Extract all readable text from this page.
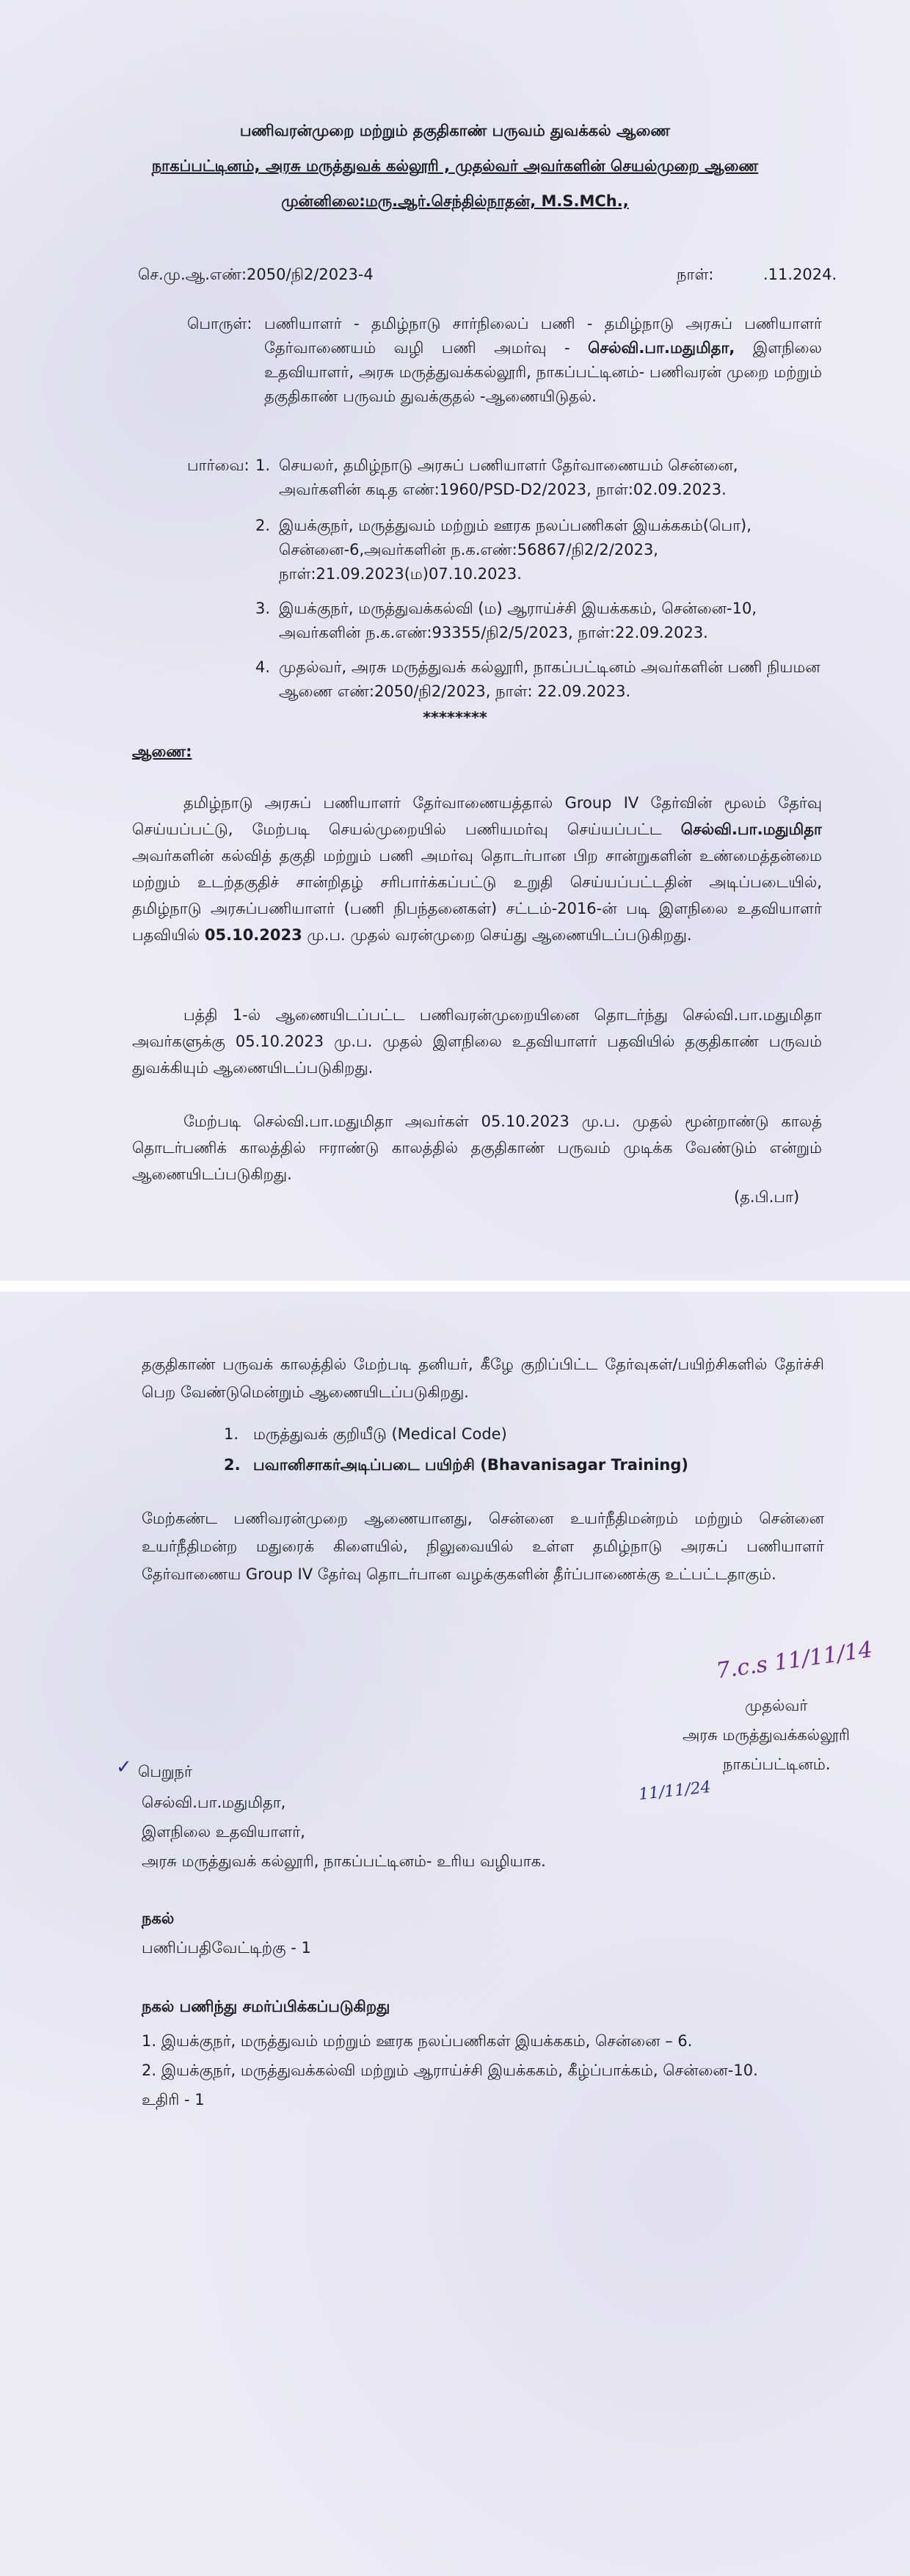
பணிவரன்முறை மற்றும் தகுதிகாண் பருவம் துவக்கல் ஆணை
நாகப்பட்டினம், அரசு மருத்துவக் கல்லூரி , முதல்வர் அவர்களின் செயல்முறை ஆணை
முன்னிலை:மரு.ஆர்.செந்தில்நாதன், M.S.MCh.,
செ.மு.ஆ.எண்:2050/நி2/2023-4	நாள்:	.11.2024.
பொருள்: பணியாளர் - தமிழ்நாடு சார்நிலைப் பணி - தமிழ்நாடு அரசுப் பணியாளர் தேர்வாணையம் வழி பணி அமர்வு - செல்வி.பா.மதுமிதா, இளநிலை உதவியாளர், அரசு மருத்துவக்கல்லூரி, நாகப்பட்டினம்- பணிவரன் முறை மற்றும் தகுதிகாண் பருவம் துவக்குதல் -ஆணையிடுதல்.
பார்வை: 1. செயலர், தமிழ்நாடு அரசுப் பணியாளர் தேர்வாணையம் சென்னை, அவர்களின் கடித எண்:1960/PSD-D2/2023, நாள்:02.09.2023.
2. இயக்குநர், மருத்துவம் மற்றும் ஊரக நலப்பணிகள் இயக்ககம்(பொ), சென்னை-6,அவர்களின் ந.க.எண்:56867/நி2/2/2023, நாள்:21.09.2023(ம)07.10.2023.
3. இயக்குநர், மருத்துவக்கல்வி (ம) ஆராய்ச்சி இயக்ககம், சென்னை-10, அவர்களின் ந.க.எண்:93355/நி2/5/2023, நாள்:22.09.2023.
4. முதல்வர், அரசு மருத்துவக் கல்லூரி, நாகப்பட்டினம் அவர்களின் பணி நியமன ஆணை எண்:2050/நி2/2023, நாள்: 22.09.2023.
********
ஆணை:
தமிழ்நாடு அரசுப் பணியாளர் தேர்வாணையத்தால் Group IV தேர்வின் மூலம் தேர்வு செய்யப்பட்டு, மேற்படி செயல்முறையில் பணியமர்வு செய்யப்பட்ட செல்வி.பா.மதுமிதா அவர்களின் கல்வித் தகுதி மற்றும் பணி அமர்வு தொடர்பான பிற சான்றுகளின் உண்மைத்தன்மை மற்றும் உடற்தகுதிச் சான்றிதழ் சரிபார்க்கப்பட்டு உறுதி செய்யப்பட்டதின் அடிப்படையில், தமிழ்நாடு அரசுப்பணியாளர் (பணி நிபந்தனைகள்) சட்டம்-2016-ன் படி இளநிலை உதவியாளர் பதவியில் 05.10.2023 மு.ப. முதல் வரன்முறை செய்து ஆணையிடப்படுகிறது.
பத்தி 1-ல் ஆணையிடப்பட்ட பணிவரன்முறையினை தொடர்ந்து செல்வி.பா.மதுமிதா அவர்களுக்கு 05.10.2023 மு.ப. முதல் இளநிலை உதவியாளர் பதவியில் தகுதிகாண் பருவம் துவக்கியும் ஆணையிடப்படுகிறது.
மேற்படி செல்வி.பா.மதுமிதா அவர்கள் 05.10.2023 மு.ப. முதல் மூன்றாண்டு காலத் தொடர்பணிக் காலத்தில் ஈராண்டு காலத்தில் தகுதிகாண் பருவம் முடிக்க வேண்டும் என்றும் ஆணையிடப்படுகிறது.
(த.பி.பா)
தகுதிகாண் பருவக் காலத்தில் மேற்படி தனியர், கீழே குறிப்பிட்ட தேர்வுகள்/பயிற்சிகளில் தேர்ச்சி பெற வேண்டுமென்றும் ஆணையிடப்படுகிறது.
1. மருத்துவக் குறியீடு (Medical Code)
2. பவானிசாகர்அடிப்படை பயிற்சி (Bhavanisagar Training)
மேற்கண்ட பணிவரன்முறை ஆணையானது, சென்னை உயர்நீதிமன்றம் மற்றும் சென்னை உயர்நீதிமன்ற மதுரைக் கிளையில், நிலுவையில் உள்ள தமிழ்நாடு அரசுப் பணியாளர் தேர்வாணைய Group IV தேர்வு தொடர்பான வழக்குகளின் தீர்ப்பாணைக்கு உட்பட்டதாகும்.
7.c.s 11/11/14
முதல்வர்
அரசு மருத்துவக்கல்லூரி
நாகப்பட்டினம்.
✓ பெறுநர்
செல்வி.பா.மதுமிதா,
இளநிலை உதவியாளர்,
அரசு மருத்துவக் கல்லூரி, நாகப்பட்டினம்- உரிய வழியாக.
11/11/24
நகல்
பணிப்பதிவேட்டிற்கு - 1
நகல் பணிந்து சமர்ப்பிக்கப்படுகிறது
1. இயக்குநர், மருத்துவம் மற்றும் ஊரக நலப்பணிகள் இயக்ககம், சென்னை – 6.
2. இயக்குநர், மருத்துவக்கல்வி மற்றும் ஆராய்ச்சி இயக்ககம், கீழ்ப்பாக்கம், சென்னை-10.
உதிரி - 1
